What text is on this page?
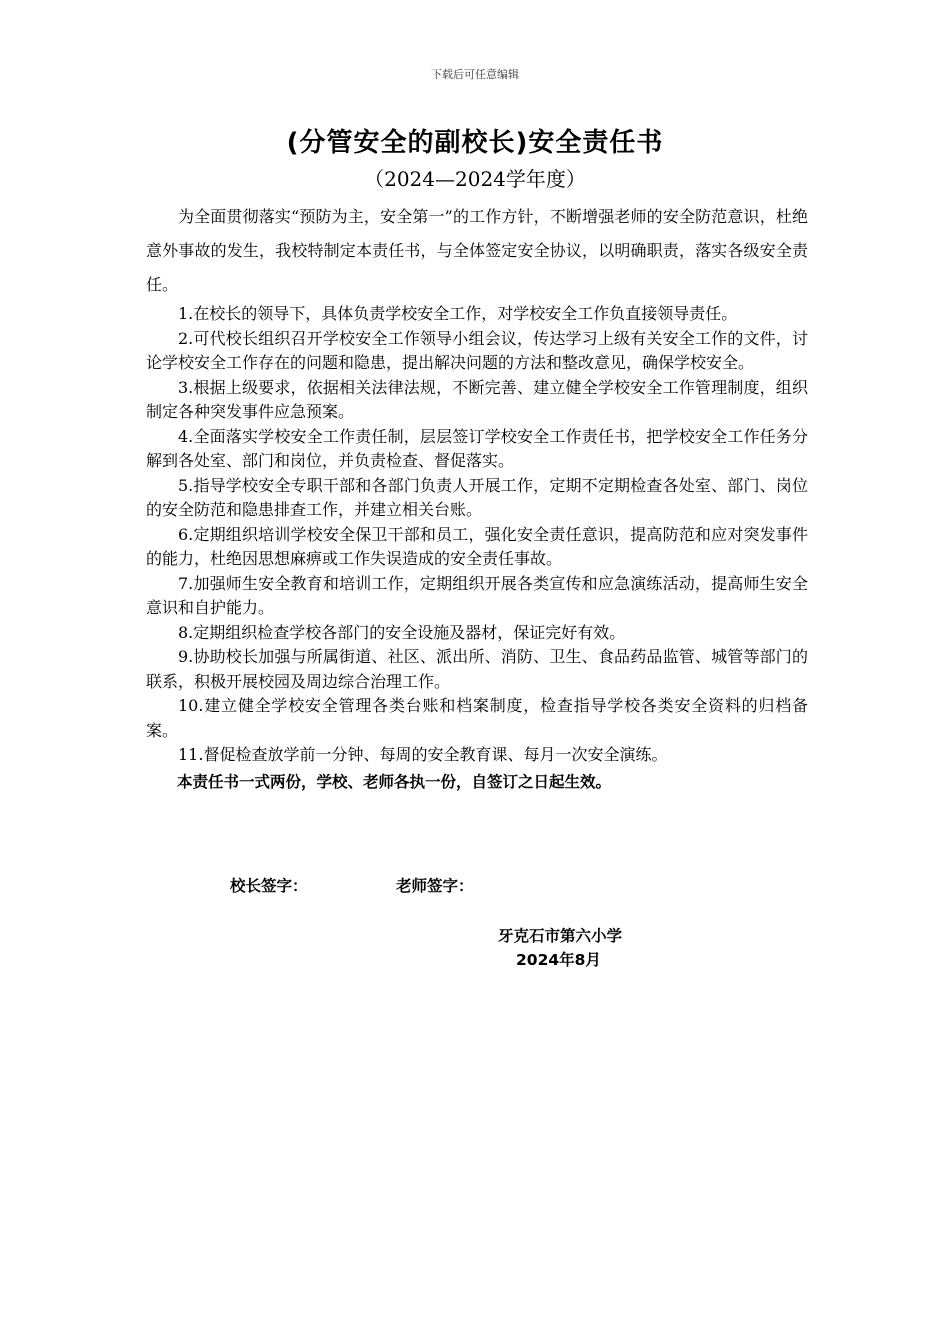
下载后可任意编辑
(分管安全的副校长)安全责任书
（2024—2024学年度）

为全面贯彻落实“预防为主，安全第一”的工作方针，不断增强老师的安全防范意识，杜绝意外事故的发生，我校特制定本责任书，与全体签定安全协议，以明确职责，落实各级安全责任。

1.在校长的领导下，具体负责学校安全工作，对学校安全工作负直接领导责任。

2.可代校长组织召开学校安全工作领导小组会议，传达学习上级有关安全工作的文件，讨论学校安全工作存在的问题和隐患，提出解决问题的方法和整改意见，确保学校安全。

3.根据上级要求，依据相关法律法规，不断完善、建立健全学校安全工作管理制度，组织制定各种突发事件应急预案。

4.全面落实学校安全工作责任制，层层签订学校安全工作责任书，把学校安全工作任务分解到各处室、部门和岗位，并负责检查、督促落实。

5.指导学校安全专职干部和各部门负责人开展工作，定期不定期检查各处室、部门、岗位的安全防范和隐患排查工作，并建立相关台账。

6.定期组织培训学校安全保卫干部和员工，强化安全责任意识，提高防范和应对突发事件的能力，杜绝因思想麻痹或工作失误造成的安全责任事故。

7.加强师生安全教育和培训工作，定期组织开展各类宣传和应急演练活动，提高师生安全意识和自护能力。

8.定期组织检查学校各部门的安全设施及器材，保证完好有效。

9.协助校长加强与所属街道、社区、派出所、消防、卫生、食品药品监管、城管等部门的联系，积极开展校园及周边综合治理工作。

10.建立健全学校安全管理各类台账和档案制度，检查指导学校各类安全资料的归档备案。

11.督促检查放学前一分钟、每周的安全教育课、每月一次安全演练。

本责任书一式两份，学校、老师各执一份，自签订之日起生效。

校长签字：	老师签字：
牙克石市第六小学
2024年8月
